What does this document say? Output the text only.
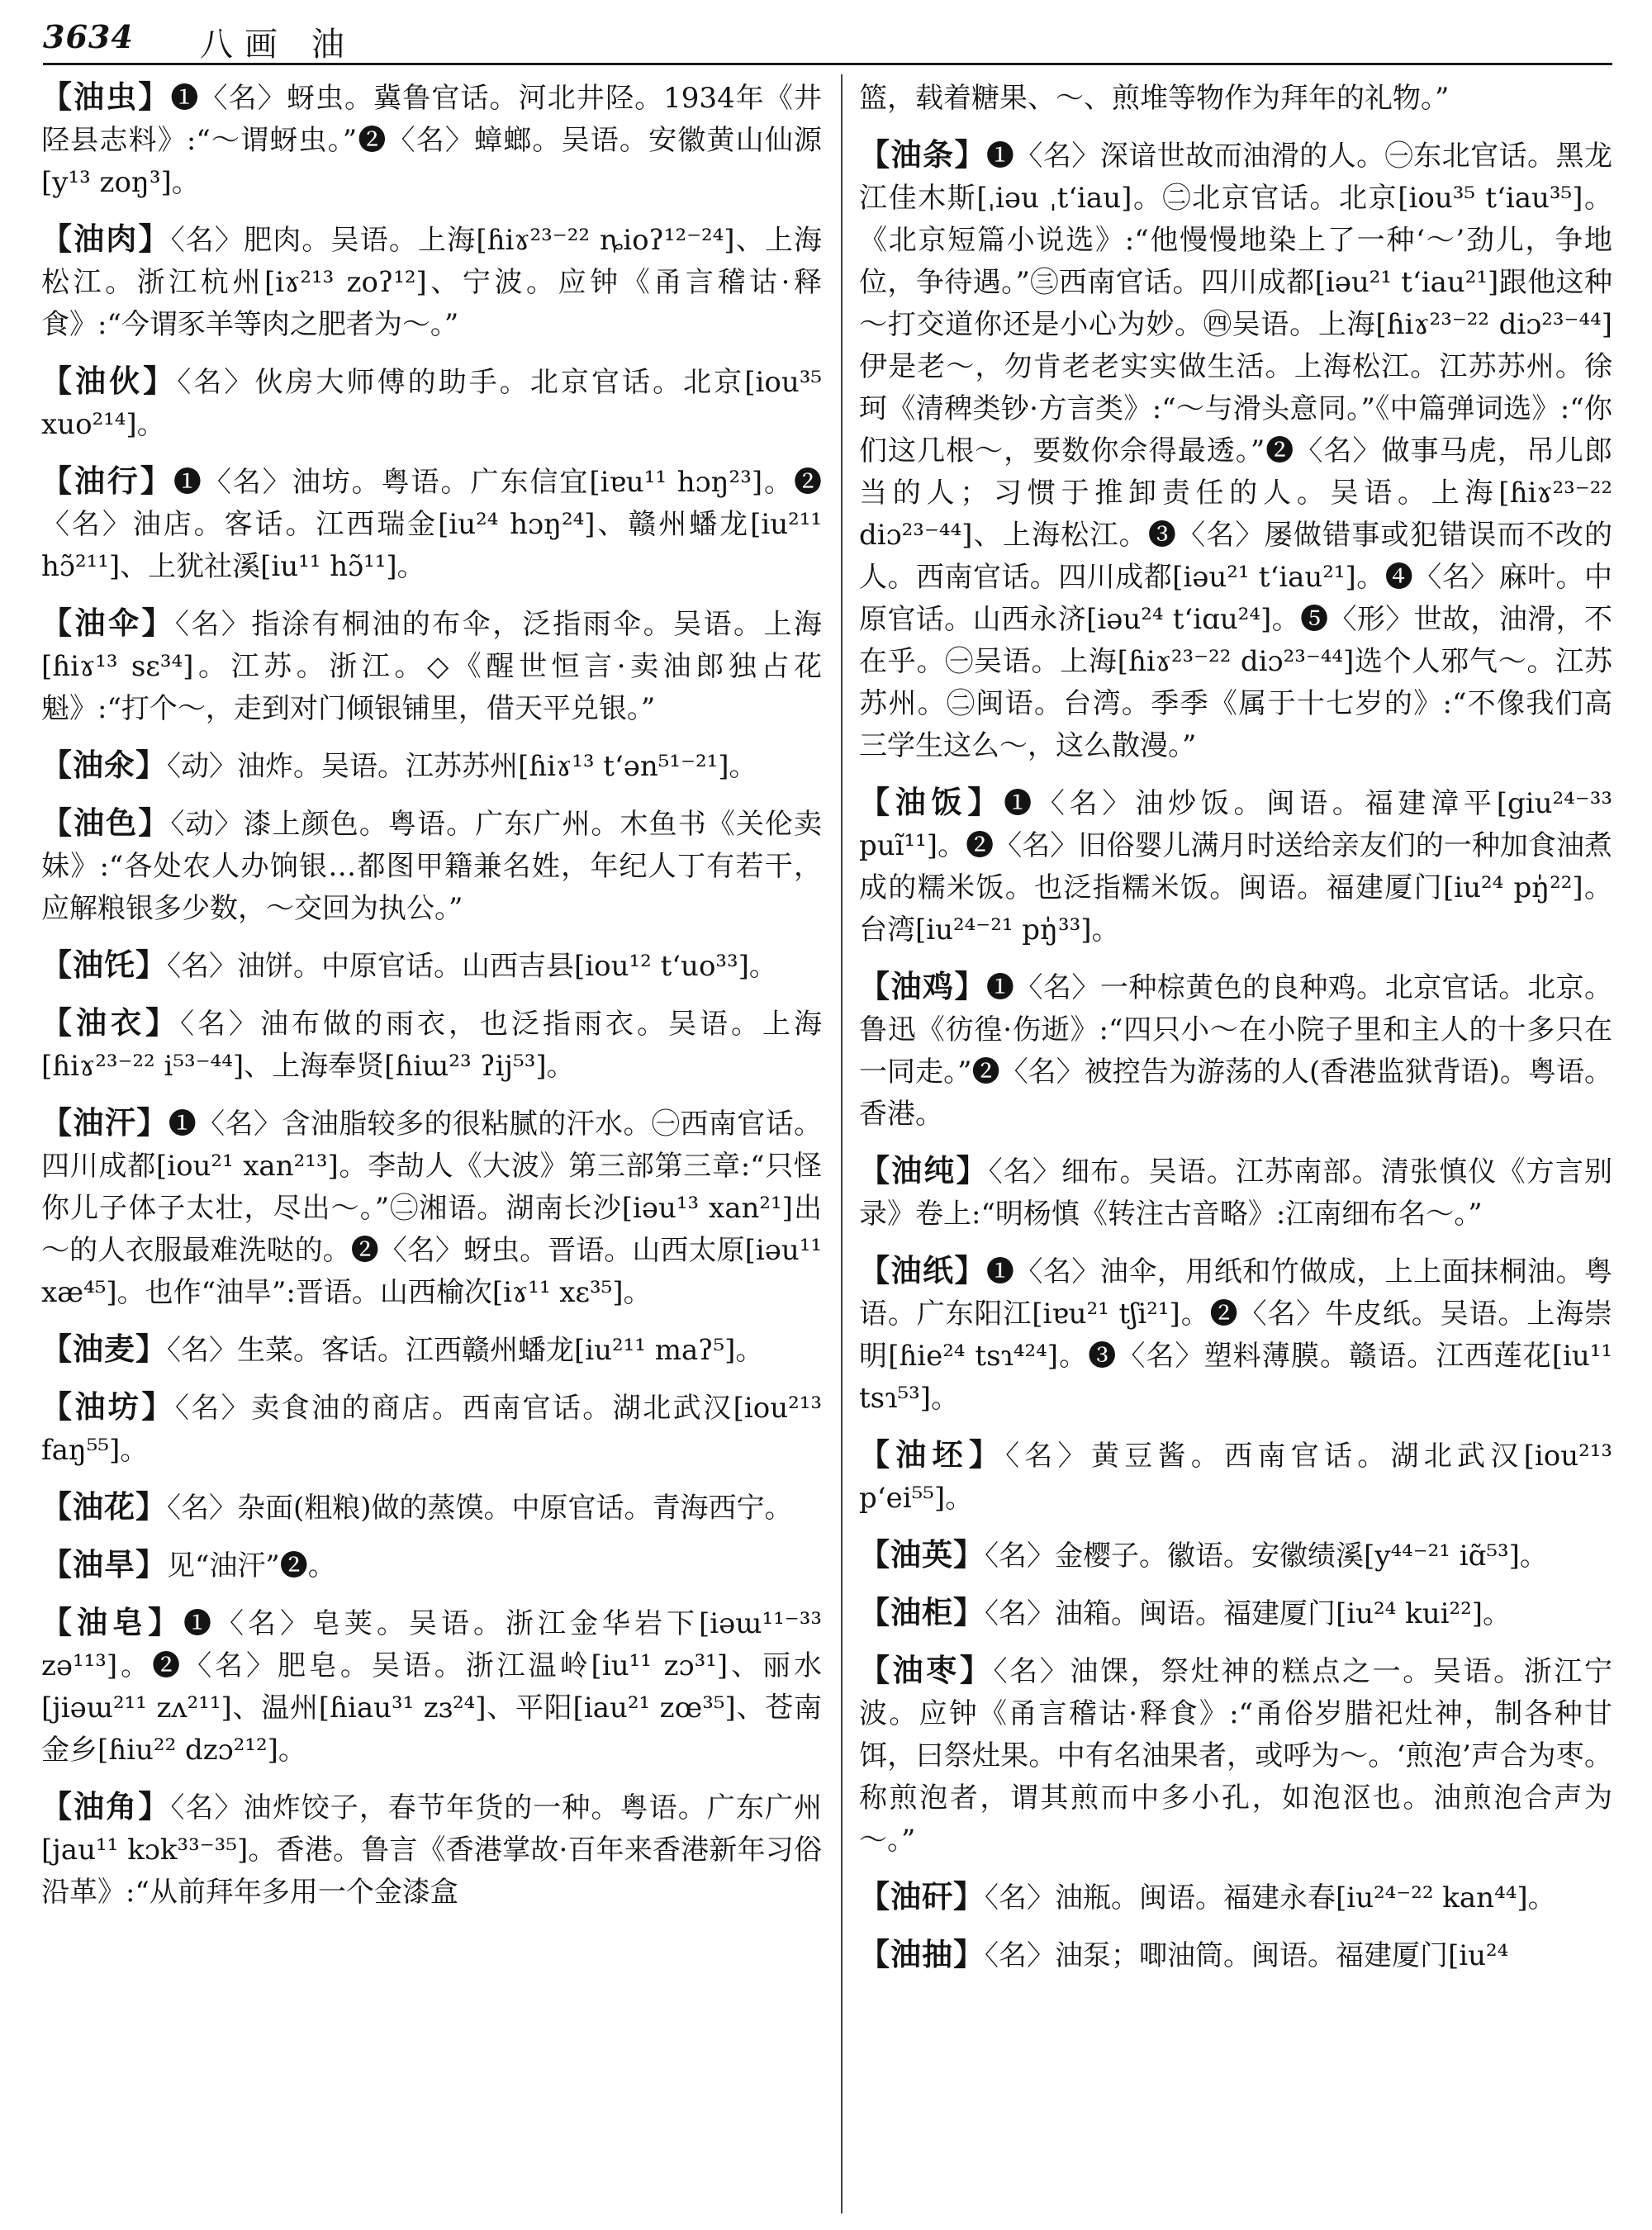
3634 八画 油

【油虫】❶〈名〉蚜虫。冀鲁官话。河北井陉。1934年《井陉县志料》:“～谓蚜虫。”❷〈名〉蟑螂。吴语。安徽黄山仙源[y¹³ zoŋ³]。

【油肉】〈名〉肥肉。吴语。上海[ɦiɤ²³⁻²² ȵioʔ¹²⁻²⁴]、上海松江。浙江杭州[iɤ²¹³ zoʔ¹²]、宁波。应钟《甬言稽诂·释食》:“今谓豕羊等肉之肥者为～。”

【油伙】〈名〉伙房大师傅的助手。北京官话。北京[iou³⁵ xuo²¹⁴]。

【油行】❶〈名〉油坊。粤语。广东信宜[iɐu¹¹ hɔŋ²³]。❷〈名〉油店。客话。江西瑞金[iu²⁴ hɔŋ²⁴]、赣州蟠龙[iu²¹¹ hɔ̃²¹¹]、上犹社溪[iu¹¹ hɔ̃¹¹]。

【油伞】〈名〉指涂有桐油的布伞，泛指雨伞。吴语。上海[ɦiɤ¹³ sɛ³⁴]。江苏。浙江。◇《醒世恒言·卖油郎独占花魁》:“打个～，走到对门倾银铺里，借天平兑银。”

【油氽】〈动〉油炸。吴语。江苏苏州[ɦiɤ¹³ tʻən⁵¹⁻²¹]。

【油色】〈动〉漆上颜色。粤语。广东广州。木鱼书《关伦卖妹》:“各处农人办饷银…都图甲籍兼名姓，年纪人丁有若干，应解粮银多少数，～交回为执公。”

【油饦】〈名〉油饼。中原官话。山西吉县[iou¹² tʻuo³³]。

【油衣】〈名〉油布做的雨衣，也泛指雨衣。吴语。上海[ɦiɤ²³⁻²² i⁵³⁻⁴⁴]、上海奉贤[ɦiɯ²³ ʔij⁵³]。

【油汗】❶〈名〉含油脂较多的很粘腻的汗水。㊀西南官话。四川成都[iou²¹ xan²¹³]。李劼人《大波》第三部第三章:“只怪你儿子体子太壮，尽出～。”㊁湘语。湖南长沙[iəu¹³ xan²¹]出～的人衣服最难洗哒的。❷〈名〉蚜虫。晋语。山西太原[iəu¹¹ xæ⁴⁵]。也作“油旱”:晋语。山西榆次[iɤ¹¹ xɛ³⁵]。

【油麦】〈名〉生菜。客话。江西赣州蟠龙[iu²¹¹ maʔ⁵]。

【油坊】〈名〉卖食油的商店。西南官话。湖北武汉[iou²¹³ faŋ⁵⁵]。

【油花】〈名〉杂面(粗粮)做的蒸馍。中原官话。青海西宁。

【油旱】见“油汗”❷。

【油皂】❶〈名〉皂荚。吴语。浙江金华岩下[iəɯ¹¹⁻³³ zə¹¹³]。❷〈名〉肥皂。吴语。浙江温岭[iu¹¹ zɔ³¹]、丽水[jiəɯ²¹¹ zʌ²¹¹]、温州[ɦiau³¹ zɜ²⁴]、平阳[iau²¹ zœ³⁵]、苍南金乡[ɦiu²² dzɔ²¹²]。

【油角】〈名〉油炸饺子，春节年货的一种。粤语。广东广州[jau¹¹ kɔk³³⁻³⁵]。香港。鲁言《香港掌故·百年来香港新年习俗沿革》:“从前拜年多用一个金漆盒

篮，载着糖果、～、煎堆等物作为拜年的礼物。”

【油条】❶〈名〉深谙世故而油滑的人。㊀东北官话。黑龙江佳木斯[ˌiəu ˌtʻiau]。㊁北京官话。北京[iou³⁵ tʻiau³⁵]。《北京短篇小说选》:“他慢慢地染上了一种‘～’劲儿，争地位，争待遇。”㊂西南官话。四川成都[iəu²¹ tʻiau²¹]跟他这种～打交道你还是小心为妙。㊃吴语。上海[ɦiɤ²³⁻²² diɔ²³⁻⁴⁴]伊是老～，勿肯老老实实做生活。上海松江。江苏苏州。徐珂《清稗类钞·方言类》:“～与滑头意同。”《中篇弹词选》:“你们这几根～，要数你佘得最透。”❷〈名〉做事马虎，吊儿郎当的人；习惯于推卸责任的人。吴语。上海[ɦiɤ²³⁻²² diɔ²³⁻⁴⁴]、上海松江。❸〈名〉屡做错事或犯错误而不改的人。西南官话。四川成都[iəu²¹ tʻiau²¹]。❹〈名〉麻叶。中原官话。山西永济[iəu²⁴ tʻiɑu²⁴]。❺〈形〉世故，油滑，不在乎。㊀吴语。上海[ɦiɤ²³⁻²² diɔ²³⁻⁴⁴]选个人邪气～。江苏苏州。㊁闽语。台湾。季季《属于十七岁的》:“不像我们高三学生这么～，这么散漫。”

【油饭】❶〈名〉油炒饭。闽语。福建漳平[giu²⁴⁻³³ puĩ¹¹]。❷〈名〉旧俗婴儿满月时送给亲友们的一种加食油煮成的糯米饭。也泛指糯米饭。闽语。福建厦门[iu²⁴ pŋ̍²²]。台湾[iu²⁴⁻²¹ pŋ̍³³]。

【油鸡】❶〈名〉一种棕黄色的良种鸡。北京官话。北京。鲁迅《彷徨·伤逝》:“四只小～在小院子里和主人的十多只在一同走。”❷〈名〉被控告为游荡的人(香港监狱背语)。粤语。香港。

【油纯】〈名〉细布。吴语。江苏南部。清张慎仪《方言别录》卷上:“明杨慎《转注古音略》:江南细布名～。”

【油纸】❶〈名〉油伞，用纸和竹做成，上上面抹桐油。粤语。广东阳江[iɐu²¹ tʃi²¹]。❷〈名〉牛皮纸。吴语。上海崇明[ɦie²⁴ tsɿ⁴²⁴]。❸〈名〉塑料薄膜。赣语。江西莲花[iu¹¹ tsɿ⁵³]。

【油坯】〈名〉黄豆酱。西南官话。湖北武汉[iou²¹³ pʻei⁵⁵]。

【油英】〈名〉金樱子。徽语。安徽绩溪[y⁴⁴⁻²¹ iɑ̃⁵³]。

【油柜】〈名〉油箱。闽语。福建厦门[iu²⁴ kui²²]。

【油枣】〈名〉油馃，祭灶神的糕点之一。吴语。浙江宁波。应钟《甬言稽诂·释食》:“甬俗岁腊祀灶神，制各种甘饵，曰祭灶果。中有名油果者，或呼为～。‘煎泡’声合为枣。称煎泡者，谓其煎而中多小孔，如泡沤也。油煎泡合声为～。”

【油矸】〈名〉油瓶。闽语。福建永春[iu²⁴⁻²² kan⁴⁴]。

【油抽】〈名〉油泵；唧油筒。闽语。福建厦门[iu²⁴
